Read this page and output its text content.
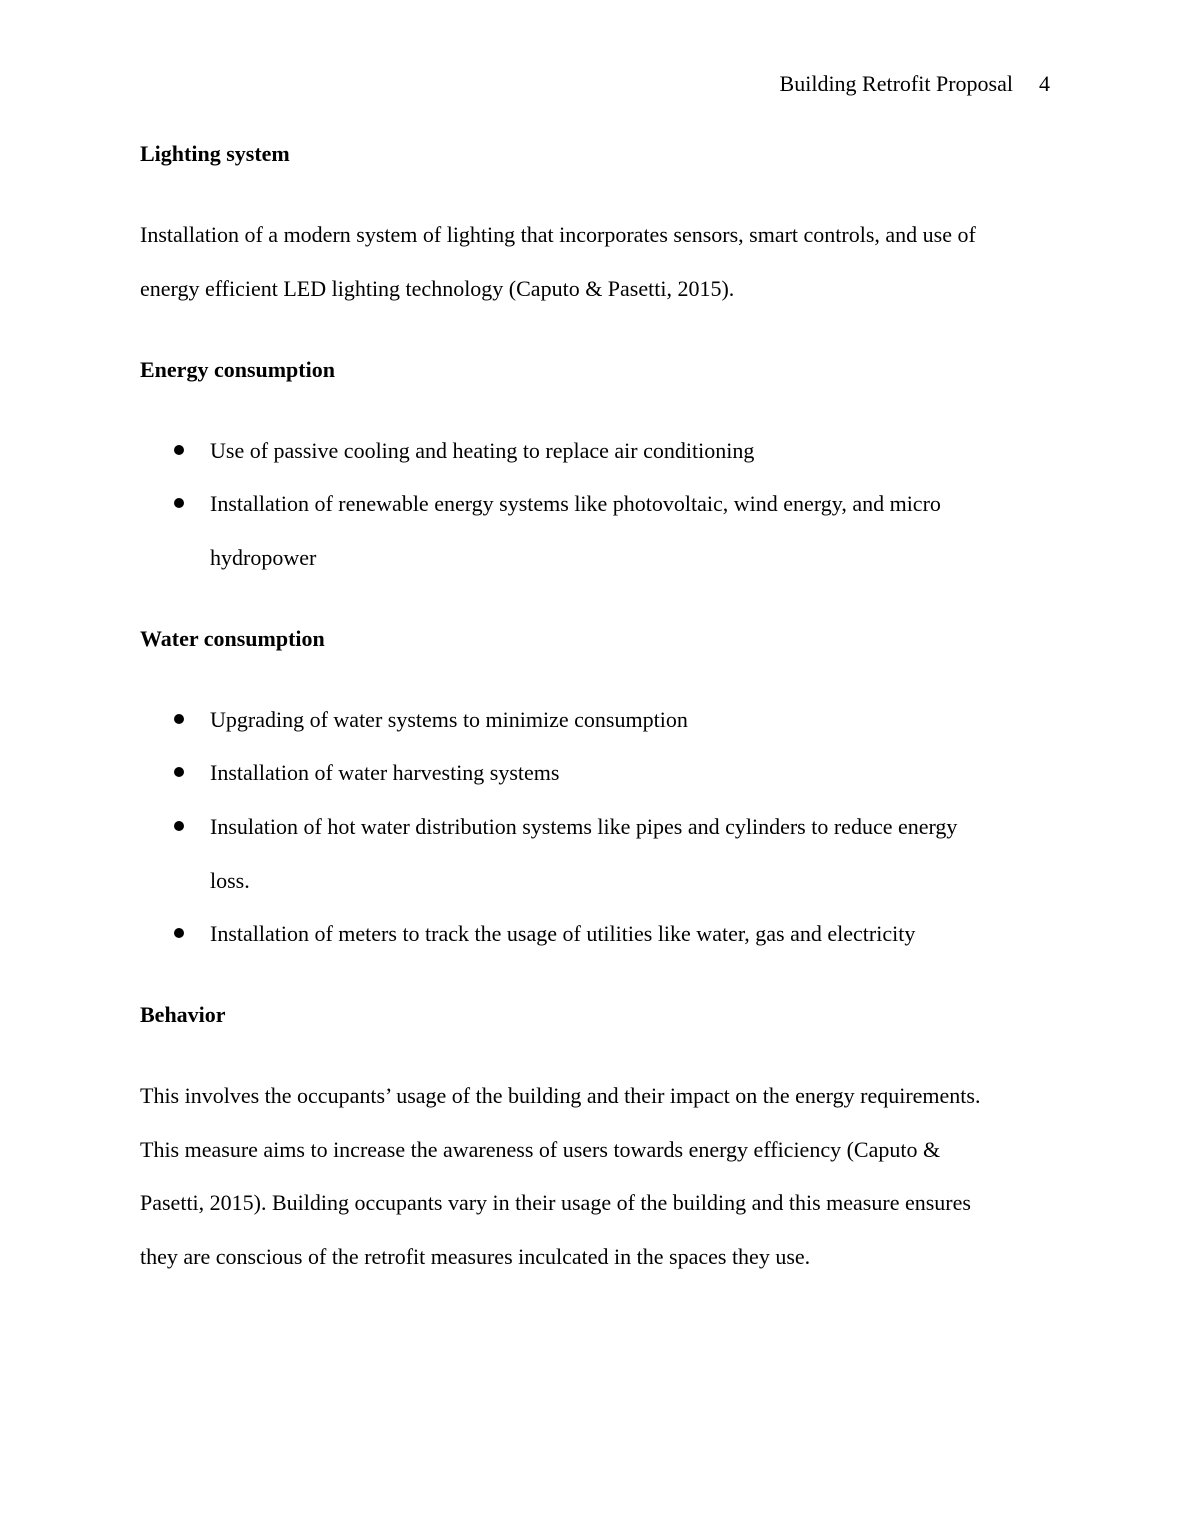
Building Retrofit Proposal 4
Lighting system
Installation of a modern system of lighting that incorporates sensors, smart controls, and use of
energy efficient LED lighting technology (Caputo & Pasetti, 2015).
Energy consumption
Use of passive cooling and heating to replace air conditioning
Installation of renewable energy systems like photovoltaic, wind energy, and micro
hydropower
Water consumption
Upgrading of water systems to minimize consumption
Installation of water harvesting systems
Insulation of hot water distribution systems like pipes and cylinders to reduce energy
loss.
Installation of meters to track the usage of utilities like water, gas and electricity
Behavior
This involves the occupants’ usage of the building and their impact on the energy requirements.
This measure aims to increase the awareness of users towards energy efficiency (Caputo &
Pasetti, 2015). Building occupants vary in their usage of the building and this measure ensures
they are conscious of the retrofit measures inculcated in the spaces they use.
